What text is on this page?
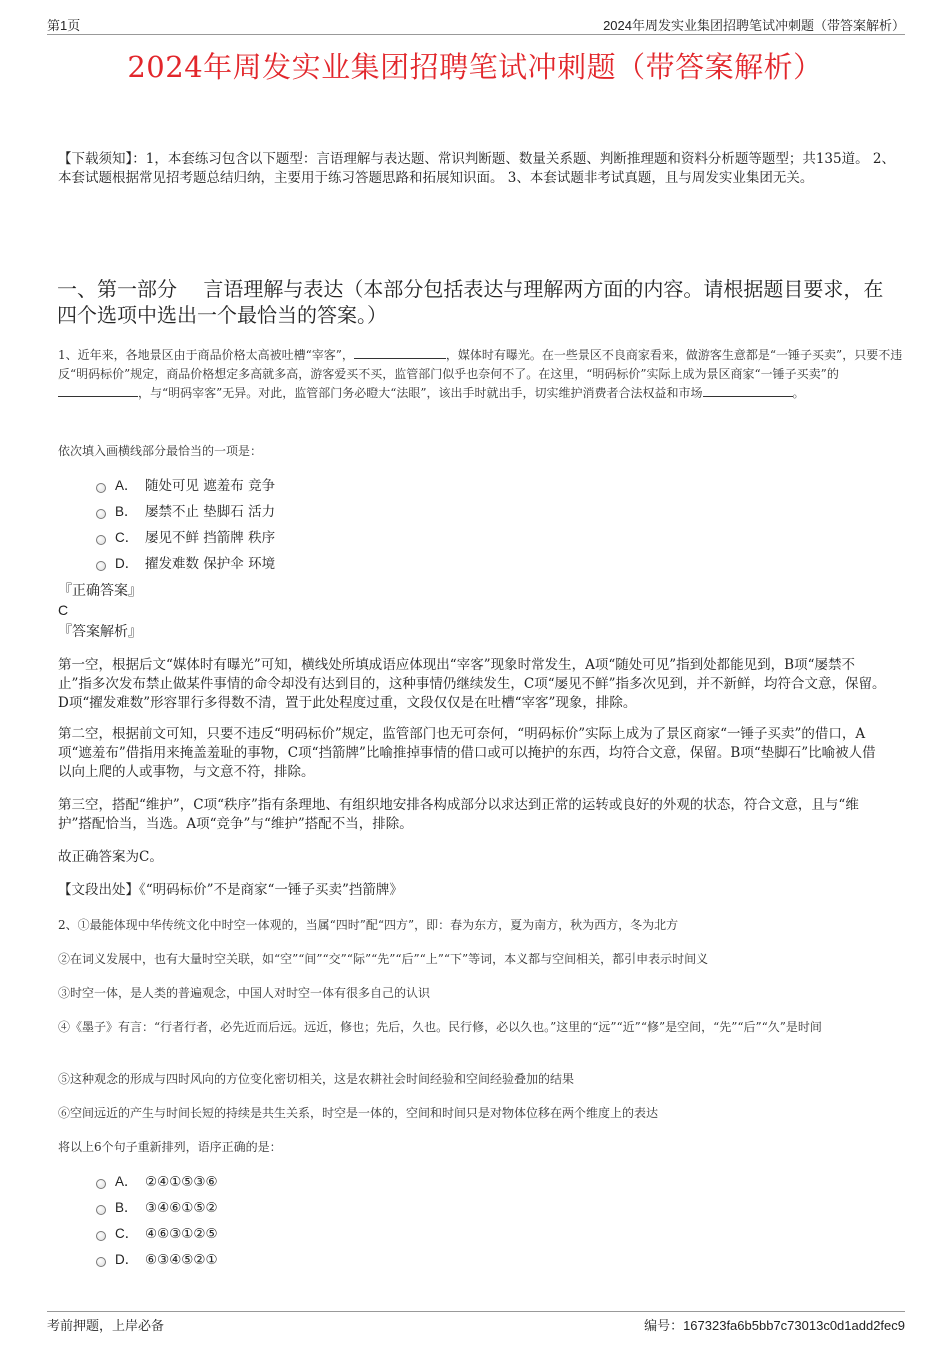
第1页	2024年周发实业集团招聘笔试冲刺题（带答案解析）
2024年周发实业集团招聘笔试冲刺题（带答案解析）
【下载须知】：1，本套练习包含以下题型：言语理解与表达题、常识判断题、数量关系题、判断推理题和资料分析题等题型；共135道。 2、本套试题根据常见招考题总结归纳，主要用于练习答题思路和拓展知识面。 3、本套试题非考试真题，且与周发实业集团无关。
一、第一部分　 言语理解与表达（本部分包括表达与理解两方面的内容。请根据题目要求，在四个选项中选出一个最恰当的答案。）
1、近年来，各地景区由于商品价格太高被吐槽“宰客”，	，媒体时有曝光。在一些景区不良商家看来，做游客生意都是“一锤子买卖”，只要不违反“明码标价”规定，商品价格想定多高就多高，游客爱买不买，监管部门似乎也奈何不了。在这里，“明码标价”实际上成为景区商家“一锤子买卖”的，与“明码宰客”无异。对此，监管部门务必瞪大“法眼”，该出手时就出手，切实维护消费者合法权益和市场	。
依次填入画横线部分最恰当的一项是：
A． 随处可见 遮羞布 竞争
B． 屡禁不止 垫脚石 活力
C． 屡见不鲜 挡箭牌 秩序
D． 擢发难数 保护伞 环境
『正确答案』
C
『答案解析』
第一空，根据后文“媒体时有曝光”可知，横线处所填成语应体现出“宰客”现象时常发生，A项“随处可见”指到处都能见到，B项“屡禁不止”指多次发布禁止做某件事情的命令却没有达到目的，这种事情仍继续发生，C项“屡见不鲜”指多次见到，并不新鲜，均符合文意，保留。D项“擢发难数”形容罪行多得数不清，置于此处程度过重，文段仅仅是在吐槽“宰客”现象，排除。
第二空，根据前文可知，只要不违反“明码标价”规定，监管部门也无可奈何，“明码标价”实际上成为了景区商家“一锤子买卖”的借口，A项“遮羞布”借指用来掩盖羞耻的事物，C项“挡箭牌”比喻推掉事情的借口或可以掩护的东西，均符合文意，保留。B项“垫脚石”比喻被人借以向上爬的人或事物，与文意不符，排除。
第三空，搭配“维护”，C项“秩序”指有条理地、有组织地安排各构成部分以求达到正常的运转或良好的外观的状态，符合文意，且与“维护”搭配恰当，当选。A项“竞争”与“维护”搭配不当，排除。
故正确答案为C。
【文段出处】《“明码标价”不是商家“一锤子买卖”挡箭牌》
2、①最能体现中华传统文化中时空一体观的，当属“四时”配“四方”，即：春为东方，夏为南方，秋为西方，冬为北方
②在词义发展中，也有大量时空关联，如“空”“间”“交”“际”“先”“后”“上”“下”等词，本义都与空间相关，都引申表示时间义
③时空一体，是人类的普遍观念，中国人对时空一体有很多自己的认识
④《墨子》有言：“行者行者，必先近而后远。远近，修也；先后，久也。民行修，必以久也。”这里的“远”“近”“修”是空间，“先”“后”“久”是时间
⑤这种观念的形成与四时风向的方位变化密切相关，这是农耕社会时间经验和空间经验叠加的结果
⑥空间远近的产生与时间长短的持续是共生关系，时空是一体的，空间和时间只是对物体位移在两个维度上的表达
将以上6个句子重新排列，语序正确的是：
A． ②④①⑤③⑥
B． ③④⑥①⑤②
C． ④⑥③①②⑤
D． ⑥③④⑤②①
考前押题，上岸必备	编号：167323fa6b5bb7c73013c0d1add2fec9
